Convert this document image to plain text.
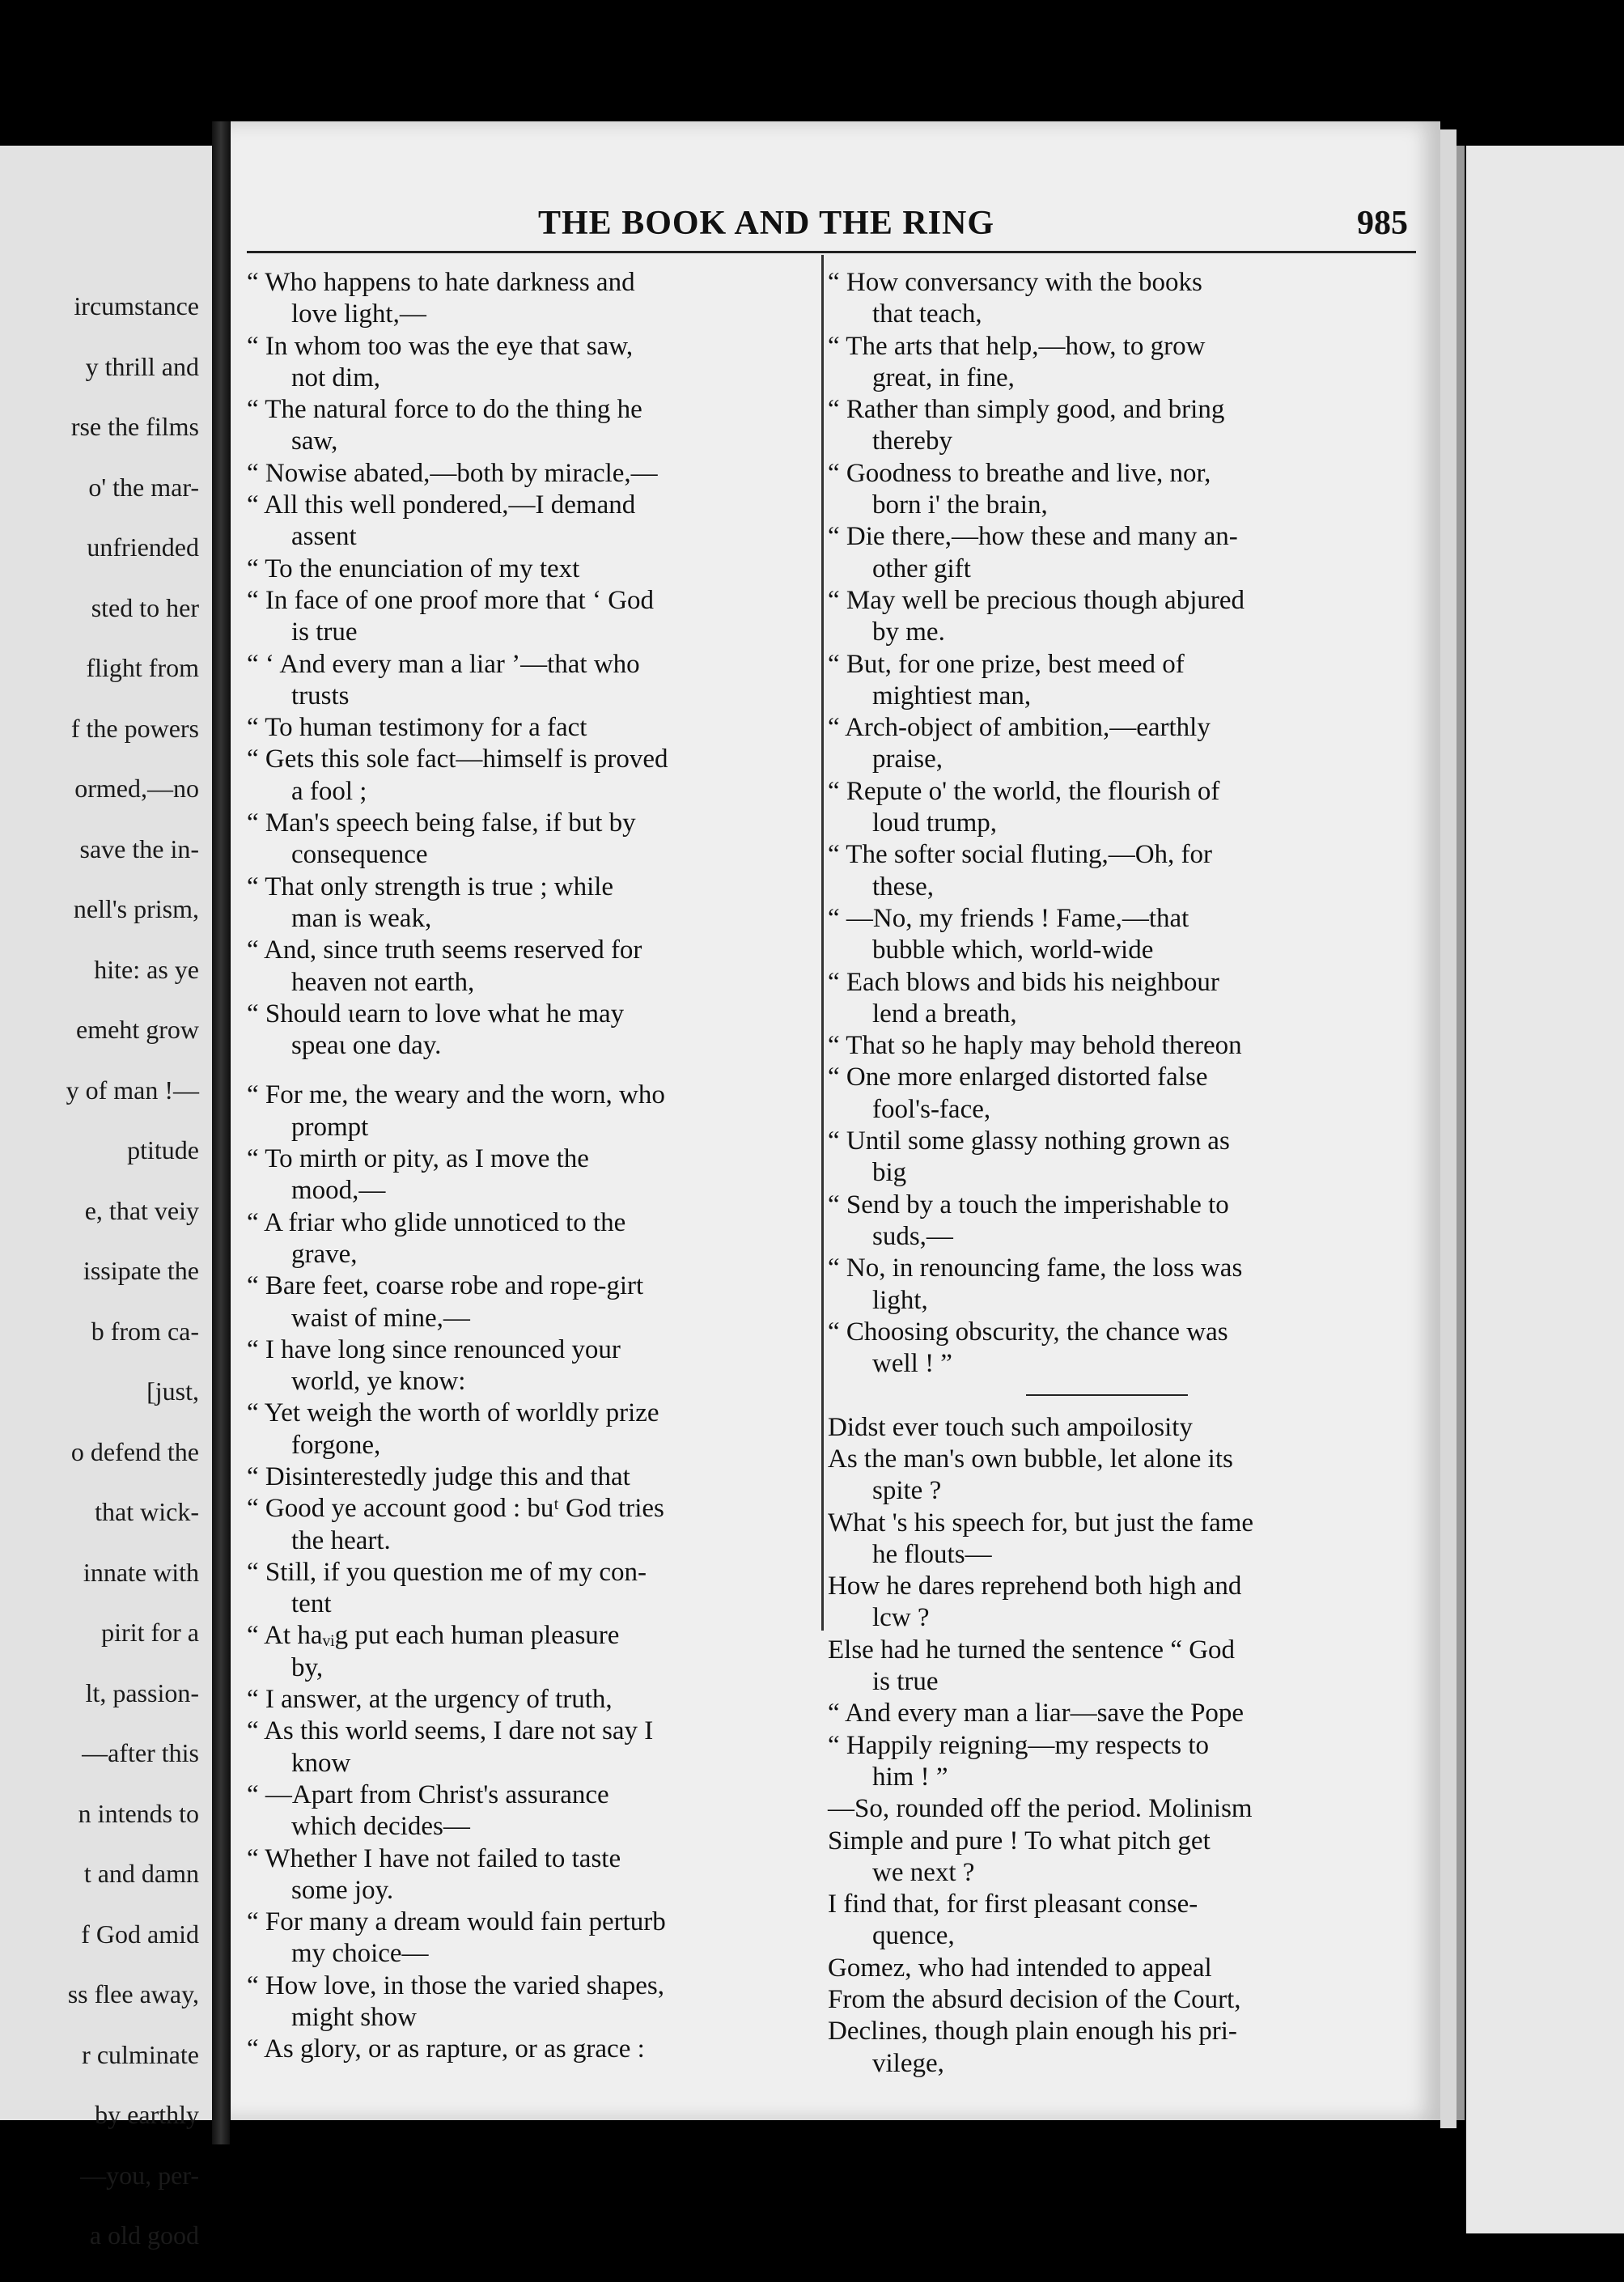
ircumstance
y thrill and
rse the films
o' the mar-
unfriended
sted to her
flight from
f the powers
ormed,—no
save the in-
nell's prism,
hite: as ye
emeht grow
y of man !—
ptitude
e, that veiy
issipate the
b from ca-
[just,
o defend the
that wick-
innate with
pirit for a
lt, passion-
—after this
n intends to
t and damn
f God amid
ss flee away,
r culminate
by earthly
—you, per-
a old good
THE BOOK AND THE RING	985
“ Who happens to hate darkness and
love light,—
“ In whom too was the eye that saw,
not dim,
“ The natural force to do the thing he
saw,
“ Nowise abated,—both by miracle,—
“ All this well pondered,—I demand
assent
“ To the enunciation of my text
“ In face of one proof more that ‘ God
is true
“ ‘ And every man a liar ’—that who
trusts
“ To human testimony for a fact
“ Gets this sole fact—himself is proved
a fool ;
“ Man's speech being false, if but by
consequence
“ That only strength is true ; while
man is weak,
“ And, since truth seems reserved for
heaven not earth,
“ Should ɩearn to love what he may
speaɩ one day.
“ For me, the weary and the worn, who
prompt
“ To mirth or pity, as I move the
mood,—
“ A friar who glide unnoticed to the
grave,
“ Bare feet, coarse robe and rope-girt
waist of mine,—
“ I have long since renounced your
world, ye know:
“ Yet weigh the worth of worldly prize
forgone,
“ Disinterestedly judge this and that
“ Good ye account good : buᵗ God tries
the heart.
“ Still, if you question me of my con-
tent
“ At haᵥᵢg put each human pleasure
by,
“ I answer, at the urgency of truth,
“ As this world seems, I dare not say I
know
“ —Apart from Christ's assurance
which decides—
“ Whether I have not failed to taste
some joy.
“ For many a dream would fain perturb
my choice—
“ How love, in those the varied shapes,
might show
“ As glory, or as rapture, or as grace :
“ How conversancy with the books
that teach,
“ The arts that help,—how, to grow
great, in fine,
“ Rather than simply good, and bring
thereby
“ Goodness to breathe and live, nor,
born i' the brain,
“ Die there,—how these and many an-
other gift
“ May well be precious though abjured
by me.
“ But, for one prize, best meed of
mightiest man,
“ Arch-object of ambition,—earthly
praise,
“ Repute o' the world, the flourish of
loud trump,
“ The softer social fluting,—Oh, for
these,
“ —No, my friends ! Fame,—that
bubble which, world-wide
“ Each blows and bids his neighbour
lend a breath,
“ That so he haply may behold thereon
“ One more enlarged distorted false
fool's-face,
“ Until some glassy nothing grown as
big
“ Send by a touch the imperishable to
suds,—
“ No, in renouncing fame, the loss was
light,
“ Choosing obscurity, the chance was
well ! ”
Didst ever touch such ampoilosity
As the man's own bubble, let alone its
spite ?
What 's his speech for, but just the fame
he flouts—
How he dares reprehend both high and
lcw ?
Else had he turned the sentence “ God
is true
“ And every man a liar—save the Pope
“ Happily reigning—my respects to
him ! ”
—So, rounded off the period. Molinism
Simple and pure ! To what pitch get
we next ?
I find that, for first pleasant conse-
quence,
Gomez, who had intended to appeal
From the absurd decision of the Court,
Declines, though plain enough his pri-
vilege,
